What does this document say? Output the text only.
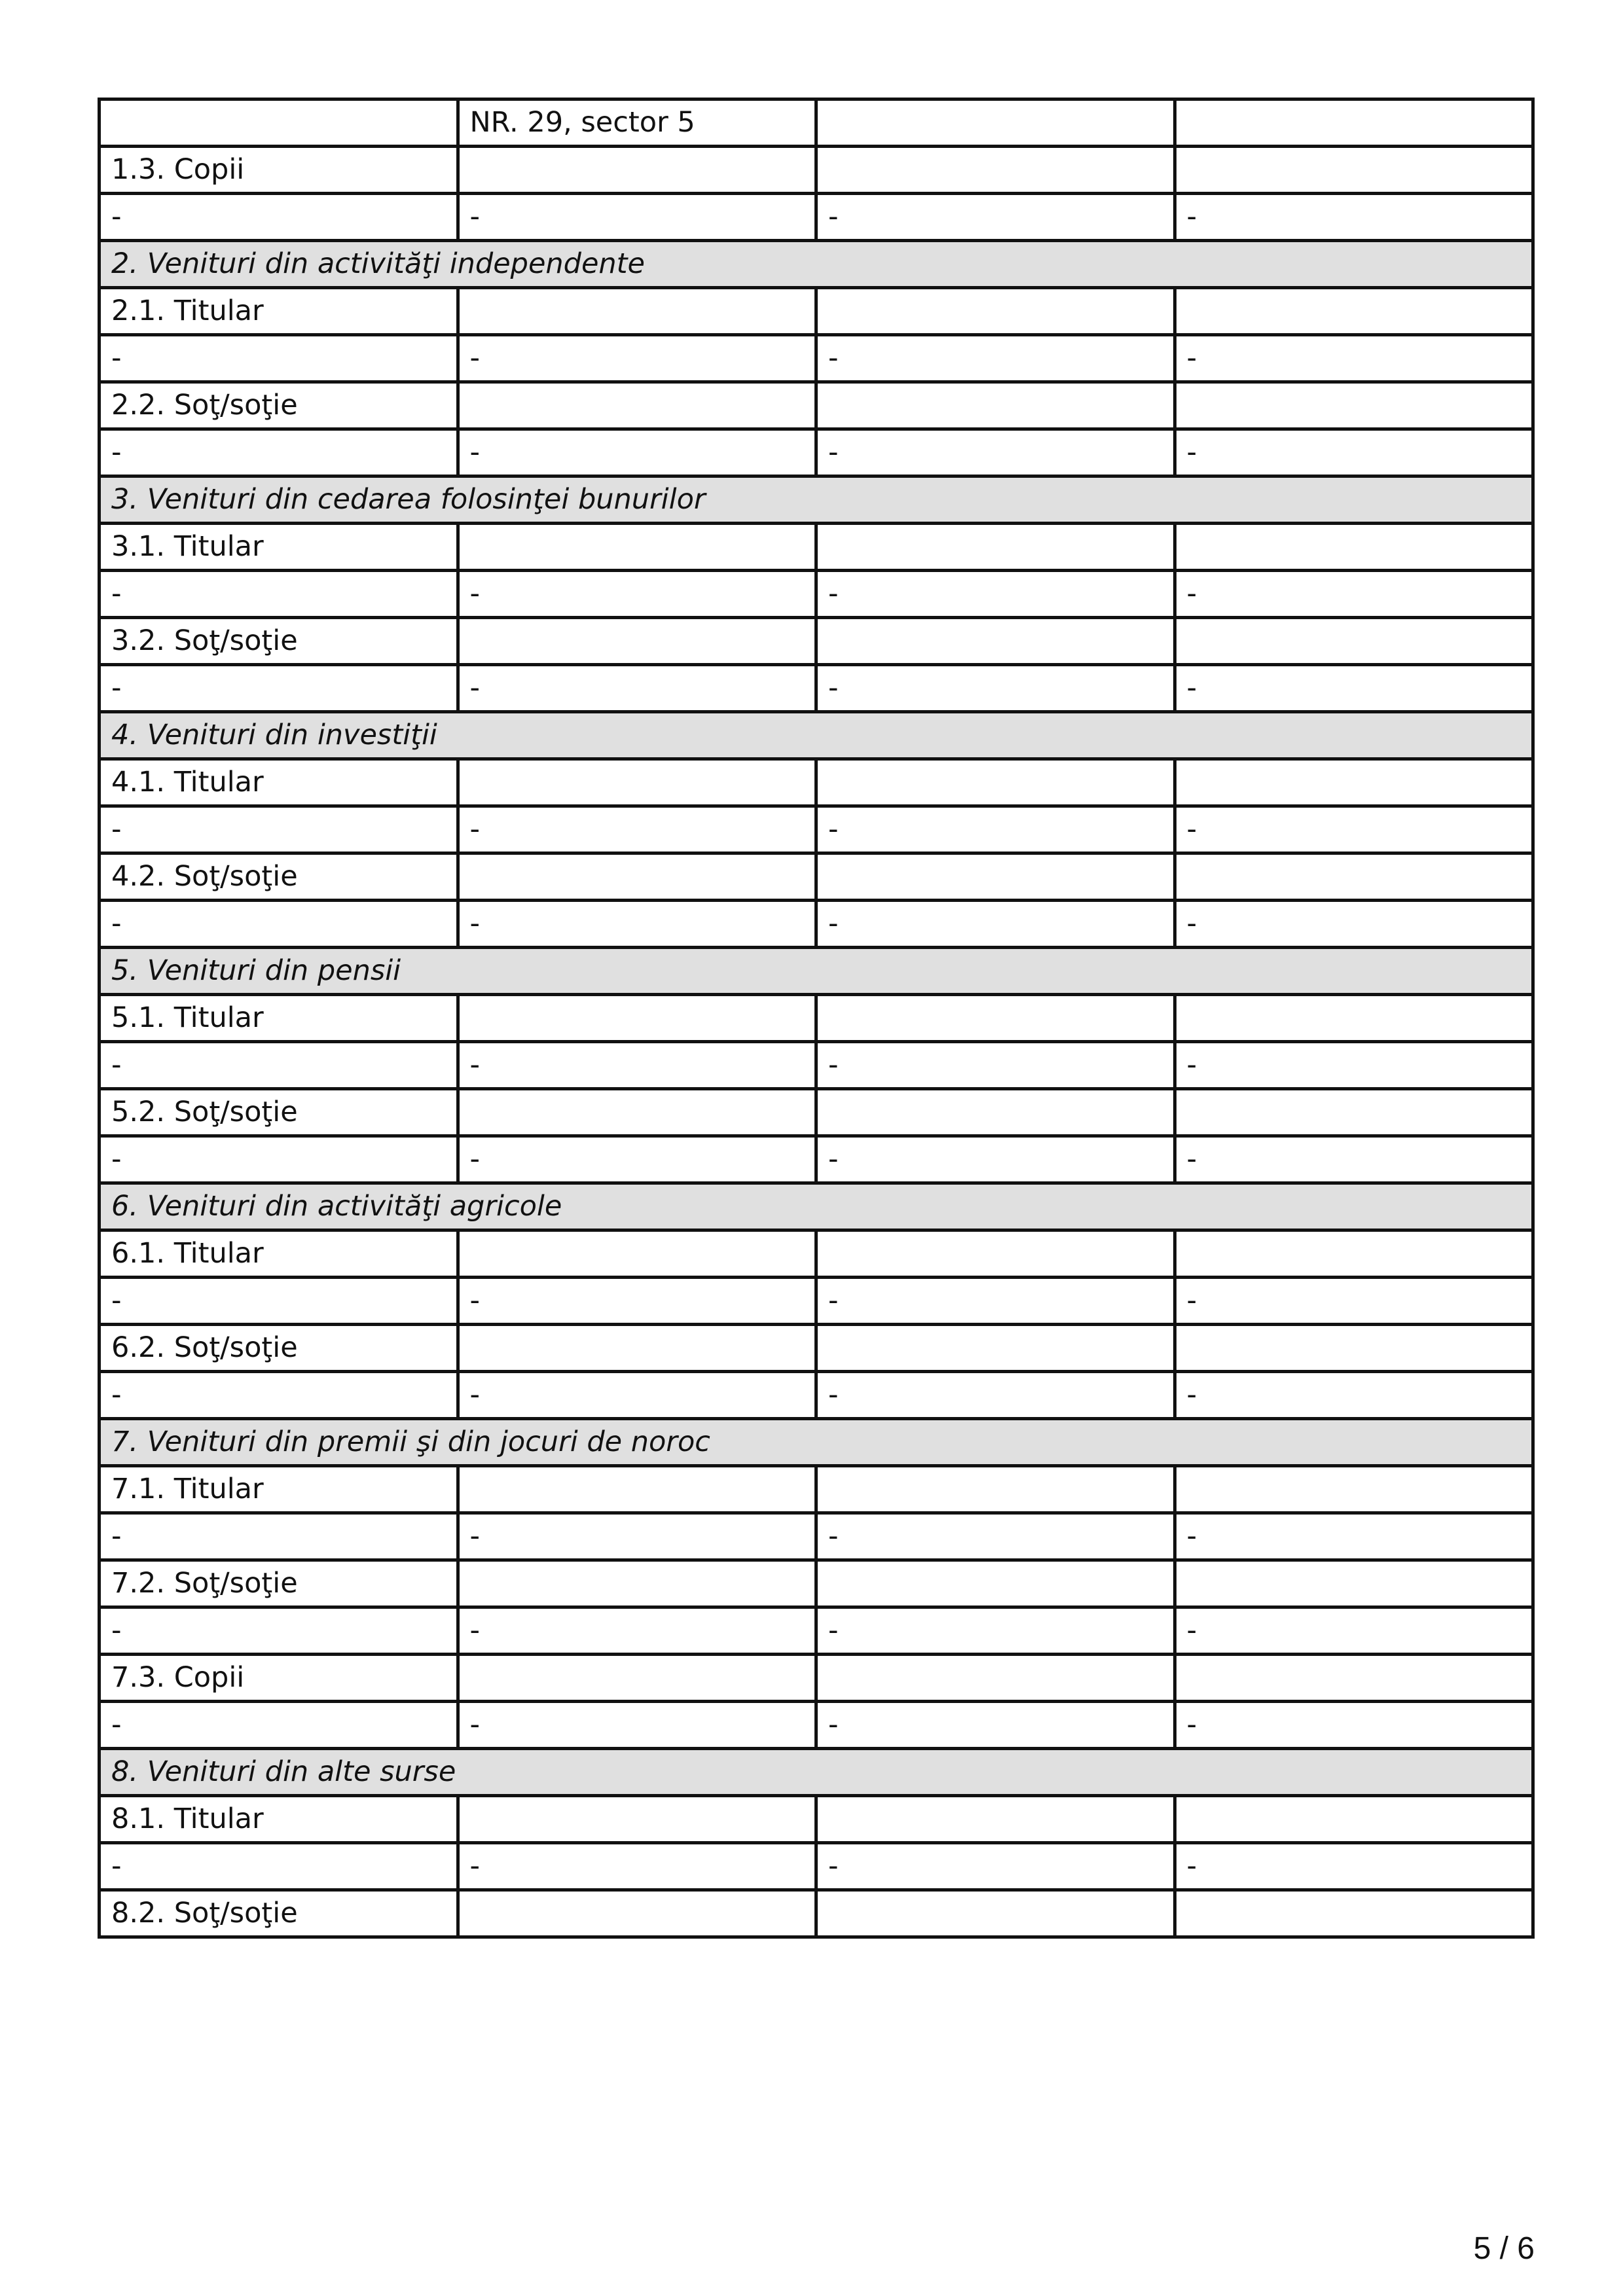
	NR. 29, sector 5		
1.3. Copii			
-	-	-	-
2. Venituri din activităţi independente			
2.1. Titular			
-	-	-	-
2.2. Soţ/soţie			
-	-	-	-
3. Venituri din cedarea folosinţei bunurilor			
3.1. Titular			
-	-	-	-
3.2. Soţ/soţie			
-	-	-	-
4. Venituri din investiţii			
4.1. Titular			
-	-	-	-
4.2. Soţ/soţie			
-	-	-	-
5. Venituri din pensii			
5.1. Titular			
-	-	-	-
5.2. Soţ/soţie			
-	-	-	-
6. Venituri din activităţi agricole			
6.1. Titular			
-	-	-	-
6.2. Soţ/soţie			
-	-	-	-
7. Venituri din premii şi din jocuri de noroc			
7.1. Titular			
-	-	-	-
7.2. Soţ/soţie			
-	-	-	-
7.3. Copii			
-	-	-	-
8. Venituri din alte surse			
8.1. Titular			
-	-	-	-
8.2. Soţ/soţie			
5 / 6
